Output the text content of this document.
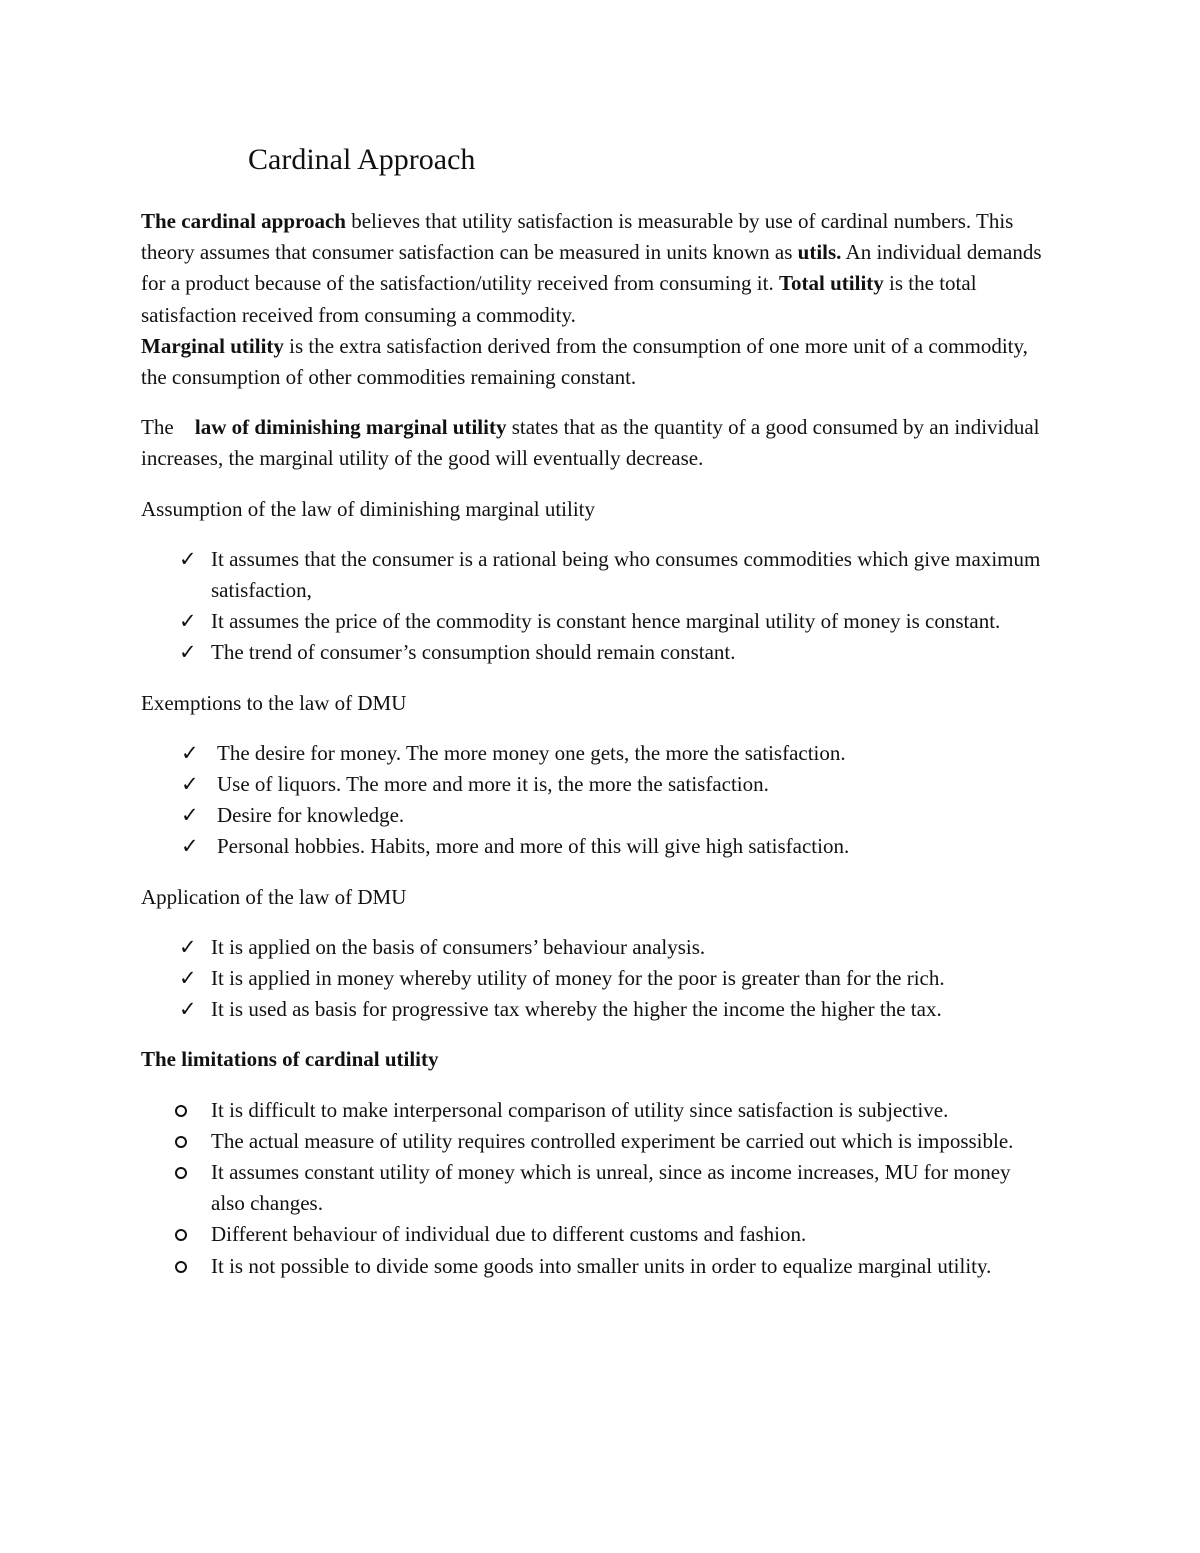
Cardinal Approach

The cardinal approach believes that utility satisfaction is measurable by use of cardinal numbers. This theory assumes that consumer satisfaction can be measured in units known as utils. An individual demands for a product because of the satisfaction/utility received from consuming it. Total utility is the total satisfaction received from consuming a commodity.
Marginal utility is the extra satisfaction derived from the consumption of one more unit of a commodity, the consumption of other commodities remaining constant.

The law of diminishing marginal utility states that as the quantity of a good consumed by an individual increases, the marginal utility of the good will eventually decrease.

Assumption of the law of diminishing marginal utility

✓ It assumes that the consumer is a rational being who consumes commodities which give maximum satisfaction,
✓ It assumes the price of the commodity is constant hence marginal utility of money is constant.
✓ The trend of consumer’s consumption should remain constant.

Exemptions to the law of DMU

✓ The desire for money. The more money one gets, the more the satisfaction.
✓ Use of liquors. The more and more it is, the more the satisfaction.
✓ Desire for knowledge.
✓ Personal hobbies. Habits, more and more of this will give high satisfaction.

Application of the law of DMU

✓ It is applied on the basis of consumers’ behaviour analysis.
✓ It is applied in money whereby utility of money for the poor is greater than for the rich.
✓ It is used as basis for progressive tax whereby the higher the income the higher the tax.

The limitations of cardinal utility

It is difficult to make interpersonal comparison of utility since satisfaction is subjective.
The actual measure of utility requires controlled experiment be carried out which is impossible.
It assumes constant utility of money which is unreal, since as income increases, MU for money also changes.
Different behaviour of individual due to different customs and fashion.
It is not possible to divide some goods into smaller units in order to equalize marginal utility.
